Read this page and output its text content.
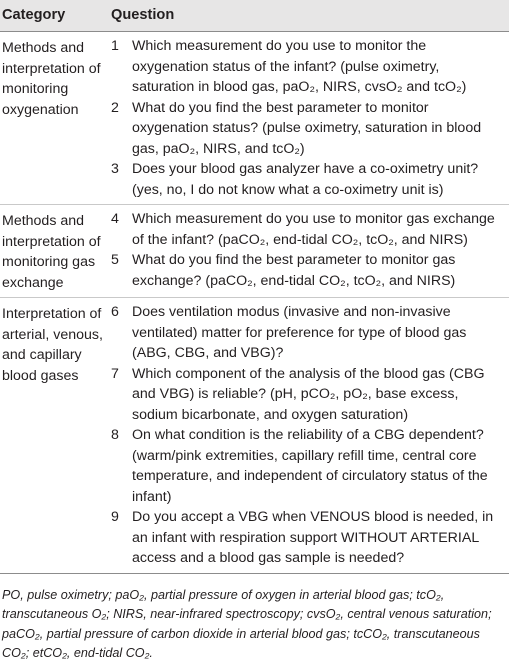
Category	Question
Methods and interpretation of monitoring oxygenation
1 Which measurement do you use to monitor the oxygenation status of the infant? (pulse oximetry, saturation in blood gas, paO₂, NIRS, cvsO₂ and tcO₂)
2 What do you find the best parameter to monitor oxygenation status? (pulse oximetry, saturation in blood gas, paO₂, NIRS, and tcO₂)
3 Does your blood gas analyzer have a co-oximetry unit? (yes, no, I do not know what a co-oximetry unit is)
Methods and interpretation of monitoring gas exchange
4 Which measurement do you use to monitor gas exchange of the infant? (paCO₂, end-tidal CO₂, tcO₂, and NIRS)
5 What do you find the best parameter to monitor gas exchange? (paCO₂, end-tidal CO₂, tcO₂, and NIRS)
Interpretation of arterial, venous, and capillary blood gases
6 Does ventilation modus (invasive and non-invasive ventilated) matter for preference for type of blood gas (ABG, CBG, and VBG)?
7 Which component of the analysis of the blood gas (CBG and VBG) is reliable? (pH, pCO₂, pO₂, base excess, sodium bicarbonate, and oxygen saturation)
8 On what condition is the reliability of a CBG dependent? (warm/pink extremities, capillary refill time, central core temperature, and independent of circulatory status of the infant)
9 Do you accept a VBG when VENOUS blood is needed, in an infant with respiration support WITHOUT ARTERIAL access and a blood gas sample is needed?
PO, pulse oximetry; paO₂, partial pressure of oxygen in arterial blood gas; tcO₂, transcutaneous O₂; NIRS, near-infrared spectroscopy; cvsO₂, central venous saturation; paCO₂, partial pressure of carbon dioxide in arterial blood gas; tcCO₂, transcutaneous CO₂; etCO₂, end-tidal CO₂.
